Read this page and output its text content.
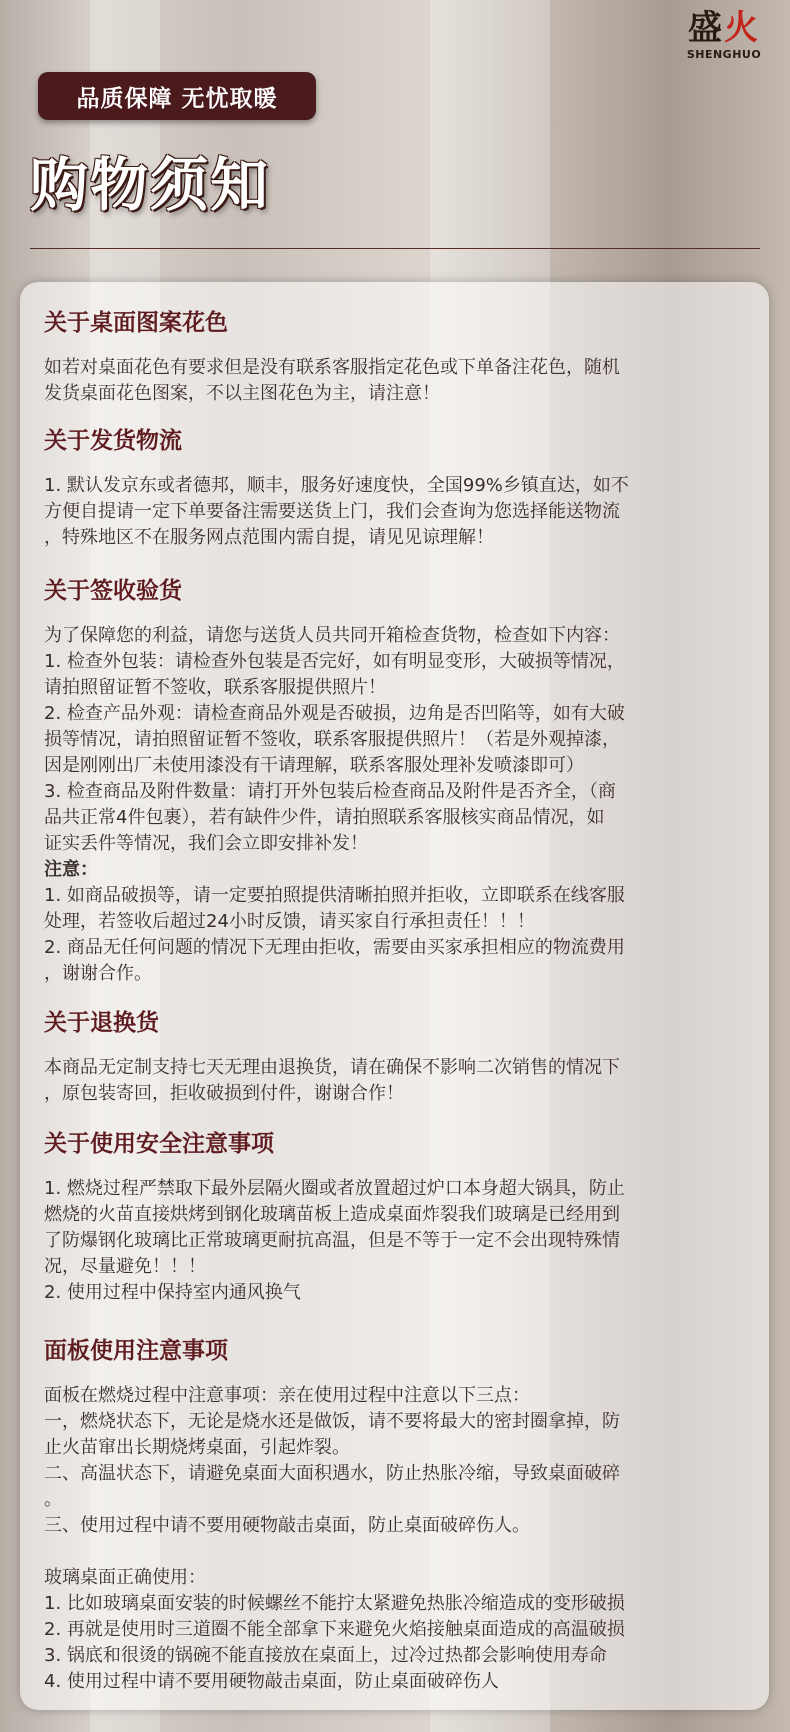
盛火
SHENGHUO
品质保障 无忧取暖
购物须知
关于桌面图案花色
如若对桌面花色有要求但是没有联系客服指定花色或下单备注花色，随机
发货桌面花色图案，不以主图花色为主，请注意！
关于发货物流
1. 默认发京东或者德邦，顺丰，服务好速度快，全国99%乡镇直达，如不
方便自提请一定下单要备注需要送货上门，我们会查询为您选择能送物流
，特殊地区不在服务网点范围内需自提，请见见谅理解！
关于签收验货
为了保障您的利益，请您与送货人员共同开箱检查货物，检查如下内容：
1. 检查外包装：请检查外包装是否完好，如有明显变形，大破损等情况，
请拍照留证暂不签收，联系客服提供照片！
2. 检查产品外观：请检查商品外观是否破损，边角是否凹陷等，如有大破
损等情况，请拍照留证暂不签收，联系客服提供照片！（若是外观掉漆，
因是刚刚出厂未使用漆没有干请理解，联系客服处理补发喷漆即可）
3. 检查商品及附件数量：请打开外包装后检查商品及附件是否齐全，（商
品共正常4件包裹），若有缺件少件，请拍照联系客服核实商品情况，如
证实丢件等情况，我们会立即安排补发！
注意：
1. 如商品破损等，请一定要拍照提供清晰拍照并拒收，立即联系在线客服
处理，若签收后超过24小时反馈，请买家自行承担责任！！！
2. 商品无任何问题的情况下无理由拒收，需要由买家承担相应的物流费用
，谢谢合作。
关于退换货
本商品无定制支持七天无理由退换货，请在确保不影响二次销售的情况下
，原包装寄回，拒收破损到付件，谢谢合作！
关于使用安全注意事项
1. 燃烧过程严禁取下最外层隔火圈或者放置超过炉口本身超大锅具，防止
燃烧的火苗直接烘烤到钢化玻璃苗板上造成桌面炸裂我们玻璃是已经用到
了防爆钢化玻璃比正常玻璃更耐抗高温，但是不等于一定不会出现特殊情
况，尽量避免！！！
2. 使用过程中保持室内通风换气
面板使用注意事项
面板在燃烧过程中注意事项：亲在使用过程中注意以下三点：
一，燃烧状态下，无论是烧水还是做饭，请不要将最大的密封圈拿掉，防
止火苗窜出长期烧烤桌面，引起炸裂。
二、高温状态下，请避免桌面大面积遇水，防止热胀冷缩，导致桌面破碎
。
三、使用过程中请不要用硬物敲击桌面，防止桌面破碎伤人。
玻璃桌面正确使用：
1. 比如玻璃桌面安装的时候螺丝不能拧太紧避免热胀冷缩造成的变形破损
2. 再就是使用时三道圈不能全部拿下来避免火焰接触桌面造成的高温破损
3. 锅底和很烫的锅碗不能直接放在桌面上，过冷过热都会影响使用寿命
4. 使用过程中请不要用硬物敲击桌面，防止桌面破碎伤人
